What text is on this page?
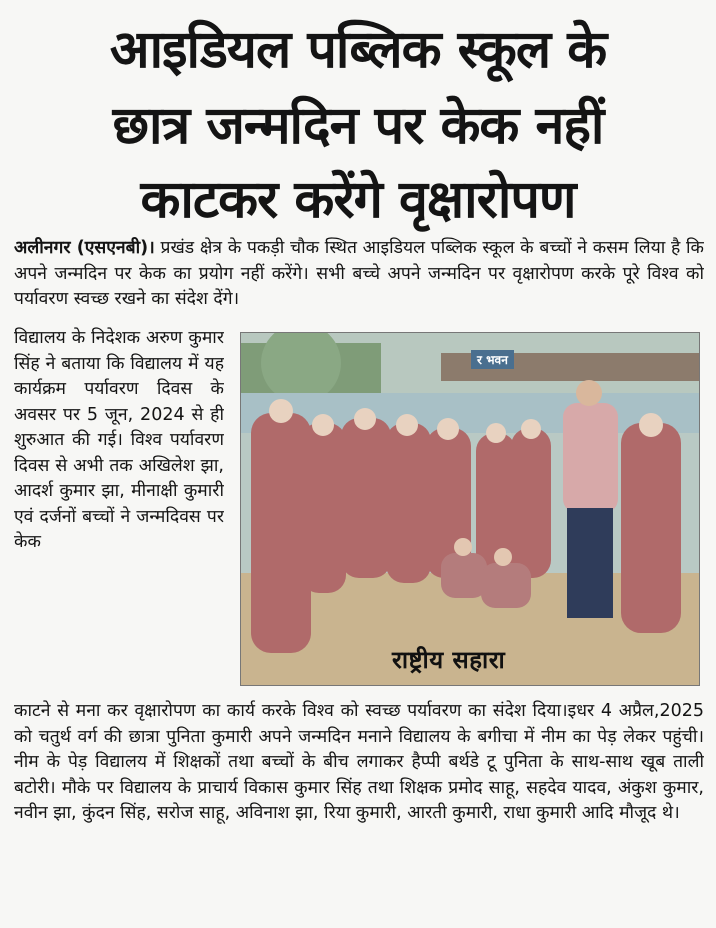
आइडियल पब्लिक स्कूल के
छात्र जन्मदिन पर केक नहीं
काटकर करेंगे वृक्षारोपण

अलीनगर (एसएनबी)। प्रखंड क्षेत्र के पकड़ी चौक स्थित आइडियल पब्लिक स्कूल के बच्चों ने कसम लिया है कि अपने जन्मदिन पर केक का प्रयोग नहीं करेंगे। सभी बच्चे अपने जन्मदिन पर वृक्षारोपण करके पूरे विश्व को पर्यावरण स्वच्छ रखने का संदेश देंगे।

विद्यालय के निदेशक अरुण कुमार सिंह ने बताया कि विद्यालय में यह कार्यक्रम पर्यावरण दिवस के अवसर पर 5 जून, 2024 से ही शुरुआत की गई। विश्व पर्यावरण दिवस से अभी तक अखिलेश झा, आदर्श कुमार झा, मीनाक्षी कुमारी एवं दर्जनों बच्चों ने जन्मदिवस पर केक

र भवन
राष्ट्रीय सहारा

काटने से मना कर वृक्षारोपण का कार्य करके विश्व को स्वच्छ पर्यावरण का संदेश दिया।इधर 4 अप्रैल,2025 को चतुर्थ वर्ग की छात्रा पुनिता कुमारी अपने जन्मदिन मनाने विद्यालय के बगीचा में नीम का पेड़ लेकर पहुंची। नीम के पेड़ विद्यालय में शिक्षकों तथा बच्चों के बीच लगाकर हैप्पी बर्थडे टू पुनिता के साथ-साथ खूब ताली बटोरी। मौके पर विद्यालय के प्राचार्य विकास कुमार सिंह तथा शिक्षक प्रमोद साहू, सहदेव यादव, अंकुश कुमार, नवीन झा, कुंदन सिंह, सरोज साहू, अविनाश झा, रिया कुमारी, आरती कुमारी, राधा कुमारी आदि मौजूद थे।
